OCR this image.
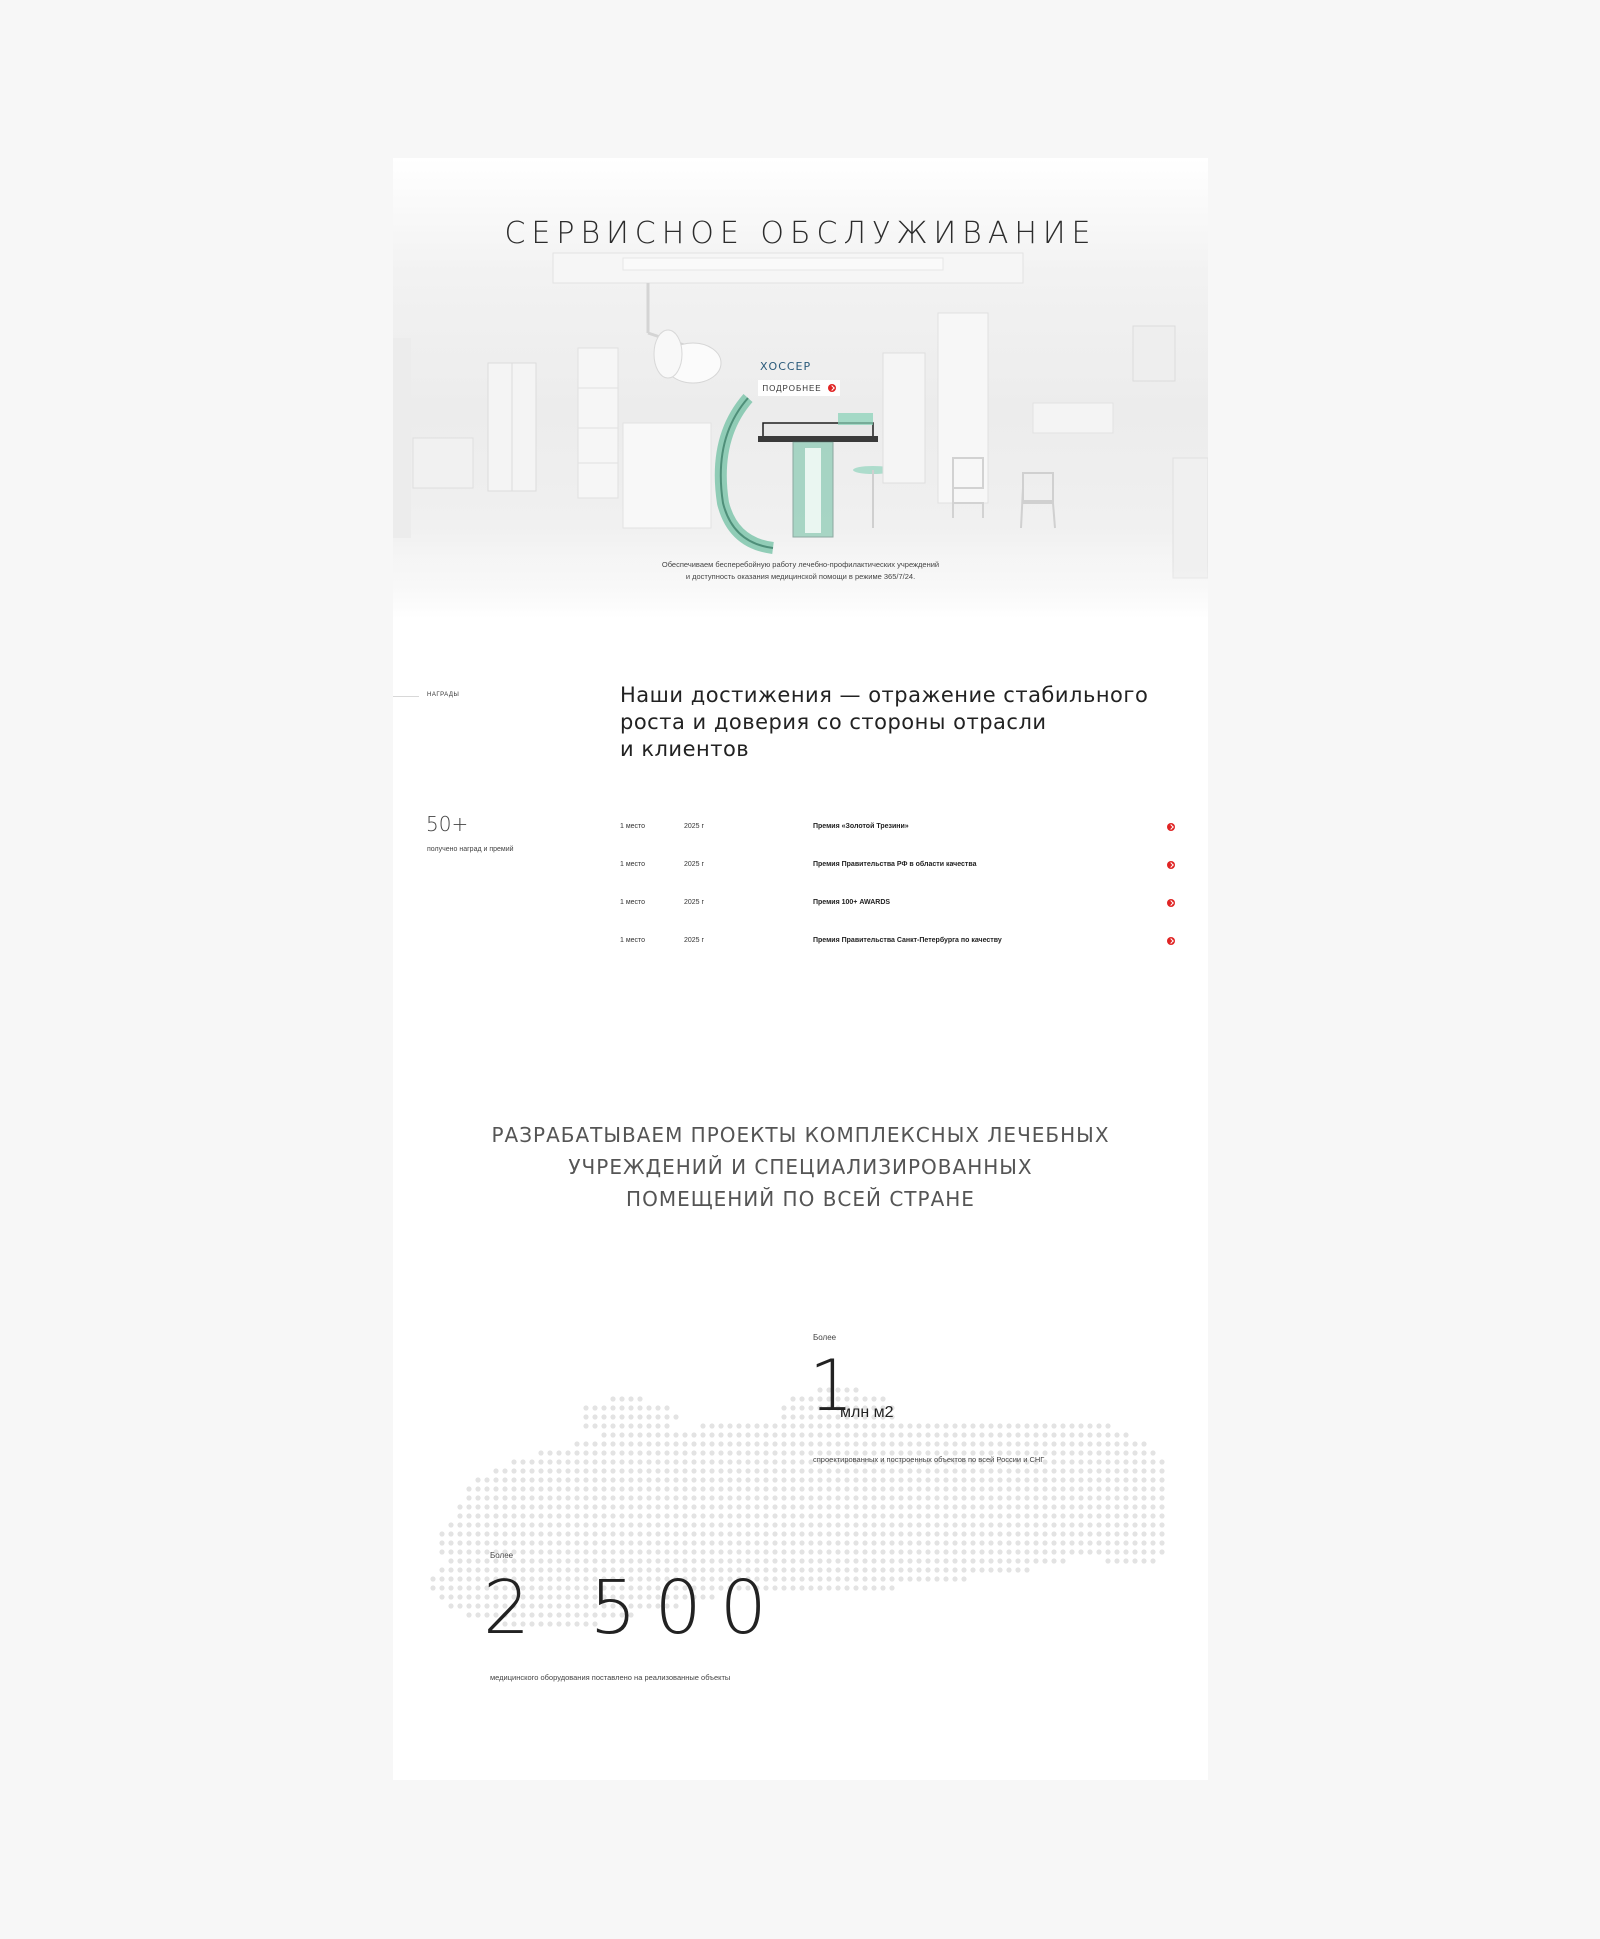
СЕРВИСНОЕ ОБСЛУЖИВАНИЕ
ХОССЕР
ПОДРОБНЕЕ
Обеспечиваем бесперебойную работу лечебно-профилактических учреждений
и доступность оказания медицинской помощи в режиме 365/7/24.
НАГРАДЫ	Наши достижения — отражение стабильного
роста и доверия со стороны отрасли
и клиентов
50+
получено наград и премий
1 место	2025 г	Премия «Золотой Трезини»
1 место	2025 г	Премия Правительства РФ в области качества
1 место	2025 г	Премия 100+ AWARDS
1 место	2025 г	Премия Правительства Санкт-Петербурга по качеству
РАЗРАБАТЫВАЕМ ПРОЕКТЫ КОМПЛЕКСНЫХ ЛЕЧЕБНЫХ
УЧРЕЖДЕНИЙ И СПЕЦИАЛИЗИРОВАННЫХ
ПОМЕЩЕНИЙ ПО ВСЕЙ СТРАНЕ
Более
1
млн м2
спроектированных и построенных объектов по всей России и СНГ
Более
2 500
медицинского оборудования поставлено на реализованные объекты
